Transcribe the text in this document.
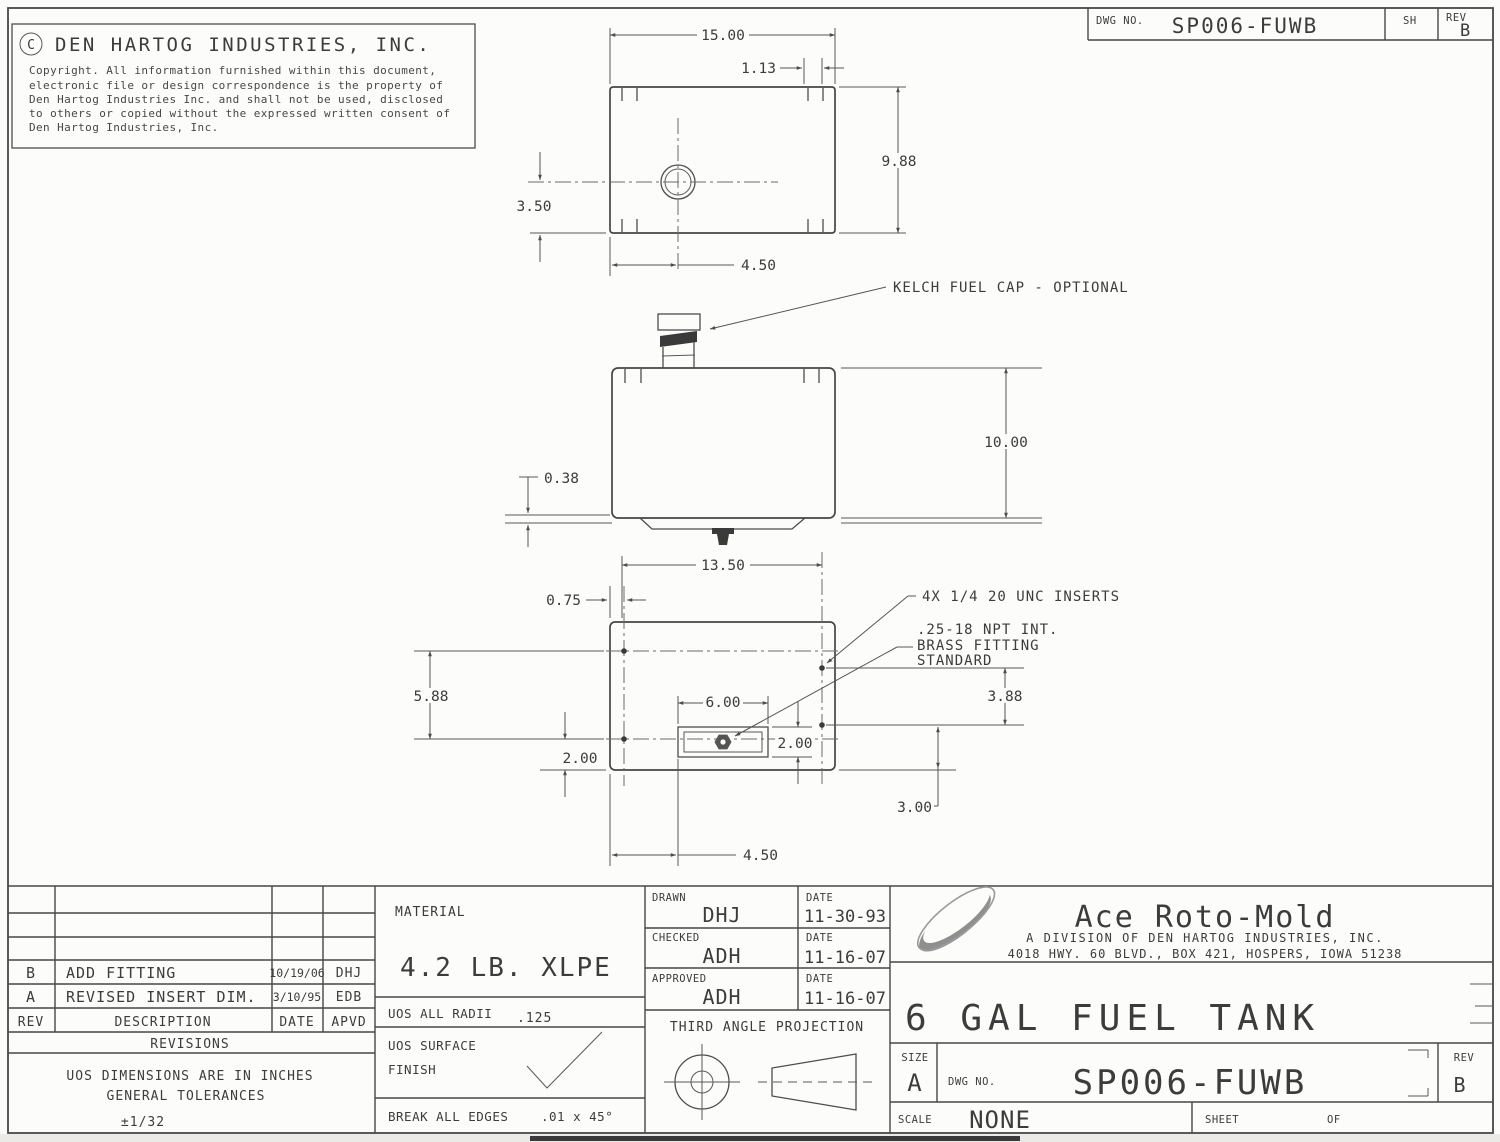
DWG NO. SP006-FUWB	SH	REV
B
C DEN HARTOG INDUSTRIES, INC.
Copyright. All information furnished within this document,
electronic file or design correspondence is the property of
Den Hartog Industries Inc. and shall not be used, disclosed
to others or copied without the expressed written consent of
Den Hartog Industries, Inc.
15.00
1.13
9.88
3.50
4.50
KELCH FUEL CAP - OPTIONAL
10.00
0.38
13.50
0.75
5.88
2.00
6.00
2.00
3.88
3.00
4.50
4X 1/4 20 UNC INSERTS
.25-18 NPT INT.
BRASS FITTING
STANDARD
B ADD FITTING	10/19/06 DHJ
A REVISED INSERT DIM. 3/10/95 EDB
REV	DESCRIPTION	DATE APVD
REVISIONS
UOS DIMENSIONS ARE IN INCHES
GENERAL TOLERANCES
±1/32
MATERIAL
4.2 LB. XLPE
UOS ALL RADII .125
UOS SURFACE
FINISH
BREAK ALL EDGES	.01 x 45°
DRAWN
DHJ
DATE
11-30-93
CHECKED
ADH
DATE
11-16-07
APPROVED
ADH
DATE
11-16-07
THIRD ANGLE PROJECTION
Ace Roto-Mold
A DIVISION OF DEN HARTOG INDUSTRIES, INC.
4018 HWY. 60 BLVD., BOX 421, HOSPERS, IOWA 51238
6 GAL FUEL TANK
SIZE
A DWG NO. SP006-FUWB
REV
B
SCALE NONE	SHEET	OF
